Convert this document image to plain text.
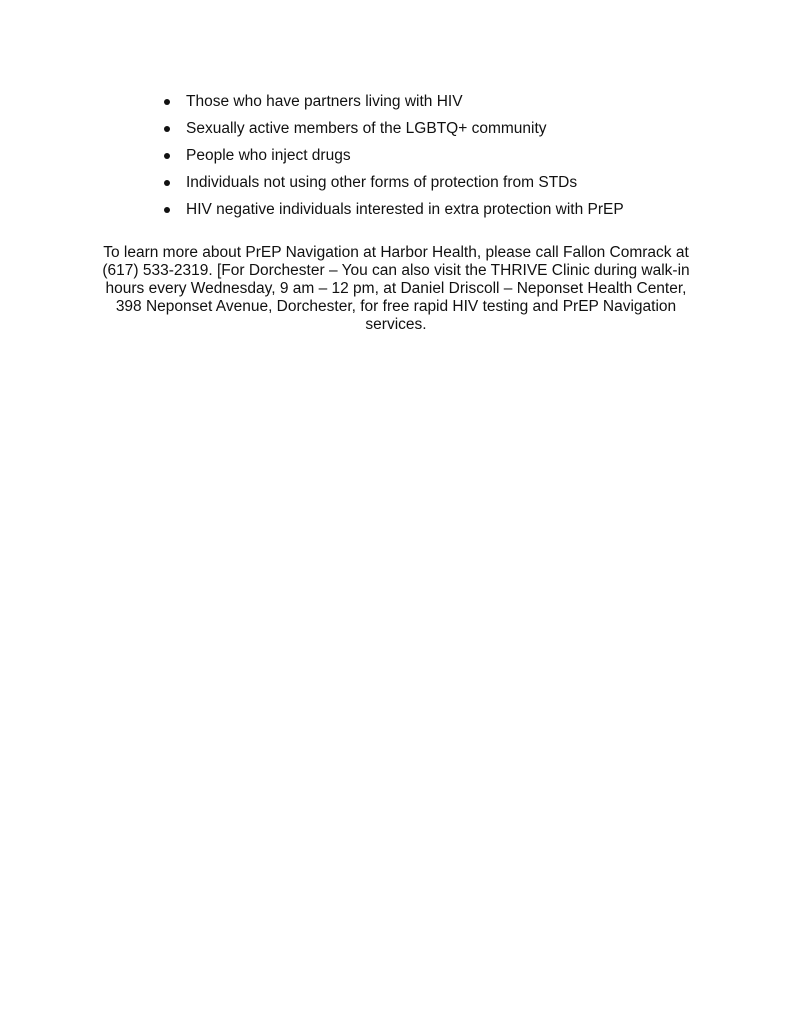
Those who have partners living with HIV
Sexually active members of the LGBTQ+ community
People who inject drugs
Individuals not using other forms of protection from STDs
HIV negative individuals interested in extra protection with PrEP

To learn more about PrEP Navigation at Harbor Health, please call Fallon Comrack at
(617) 533-2319. [For Dorchester – You can also visit the THRIVE Clinic during walk-in
hours every Wednesday, 9 am – 12 pm, at Daniel Driscoll – Neponset Health Center,
398 Neponset Avenue, Dorchester, for free rapid HIV testing and PrEP Navigation
services.
